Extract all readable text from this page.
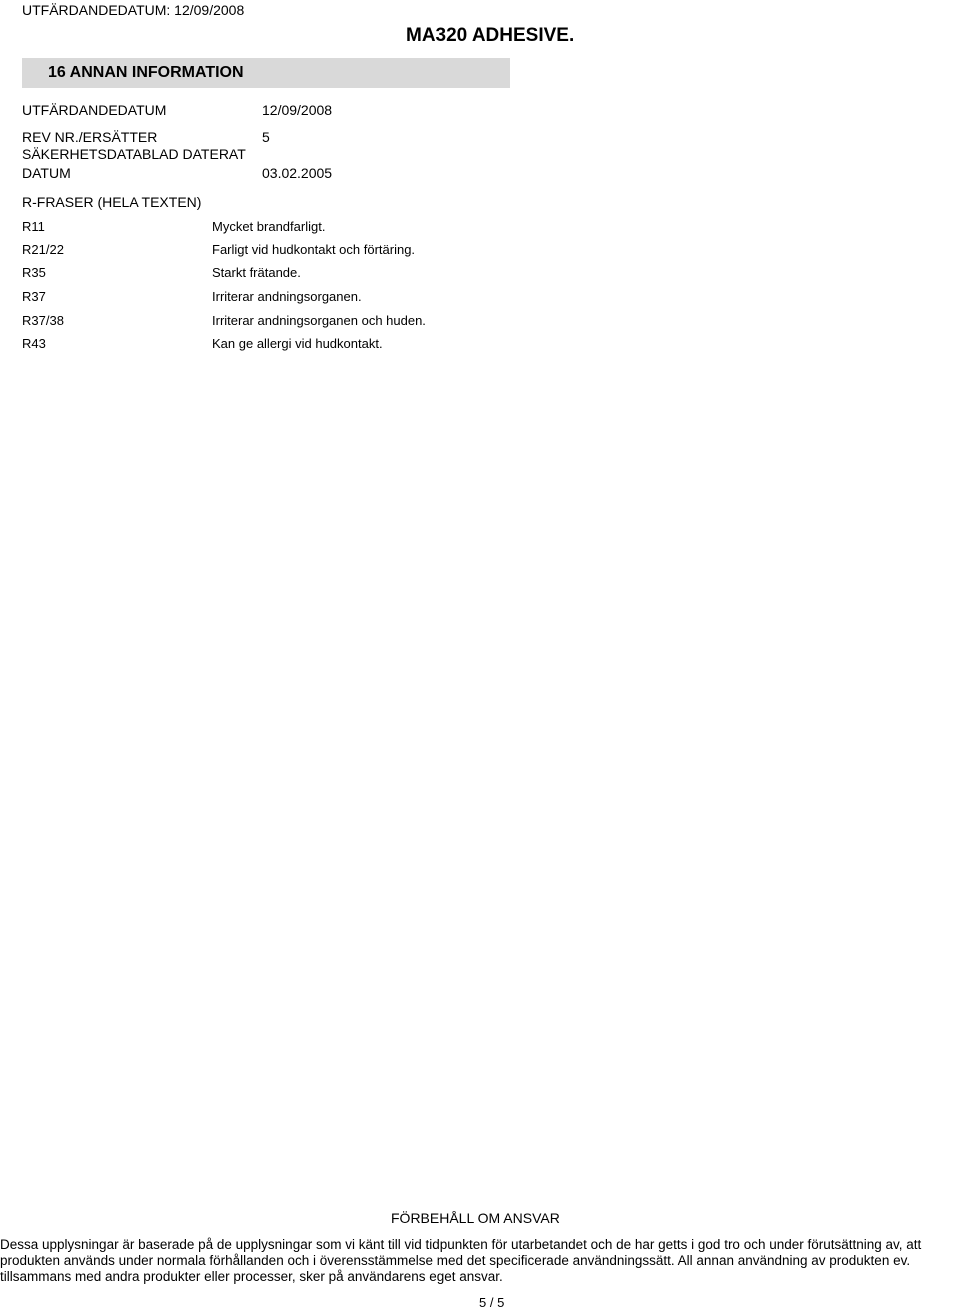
UTFÄRDANDEDATUM: 12/09/2008
MA320 ADHESIVE.
16 ANNAN INFORMATION
UTFÄRDANDEDATUM	12/09/2008
REV NR./ERSÄTTER	5
SÄKERHETSDATABLAD DATERAT
DATUM	03.02.2005
R-FRASER (HELA TEXTEN)
R11	Mycket brandfarligt.
R21/22	Farligt vid hudkontakt och förtäring.
R35	Starkt frätande.
R37	Irriterar andningsorganen.
R37/38	Irriterar andningsorganen och huden.
R43	Kan ge allergi vid hudkontakt.
FÖRBEHÅLL OM ANSVAR
Dessa upplysningar är baserade på de upplysningar som vi känt till vid tidpunkten för utarbetandet och de har getts i god tro och under förutsättning av, att produkten används under normala förhållanden och i överensstämmelse med det specificerade användningssätt. All annan användning av produkten ev. tillsammans med andra produkter eller processer, sker på användarens eget ansvar.
5 / 5
